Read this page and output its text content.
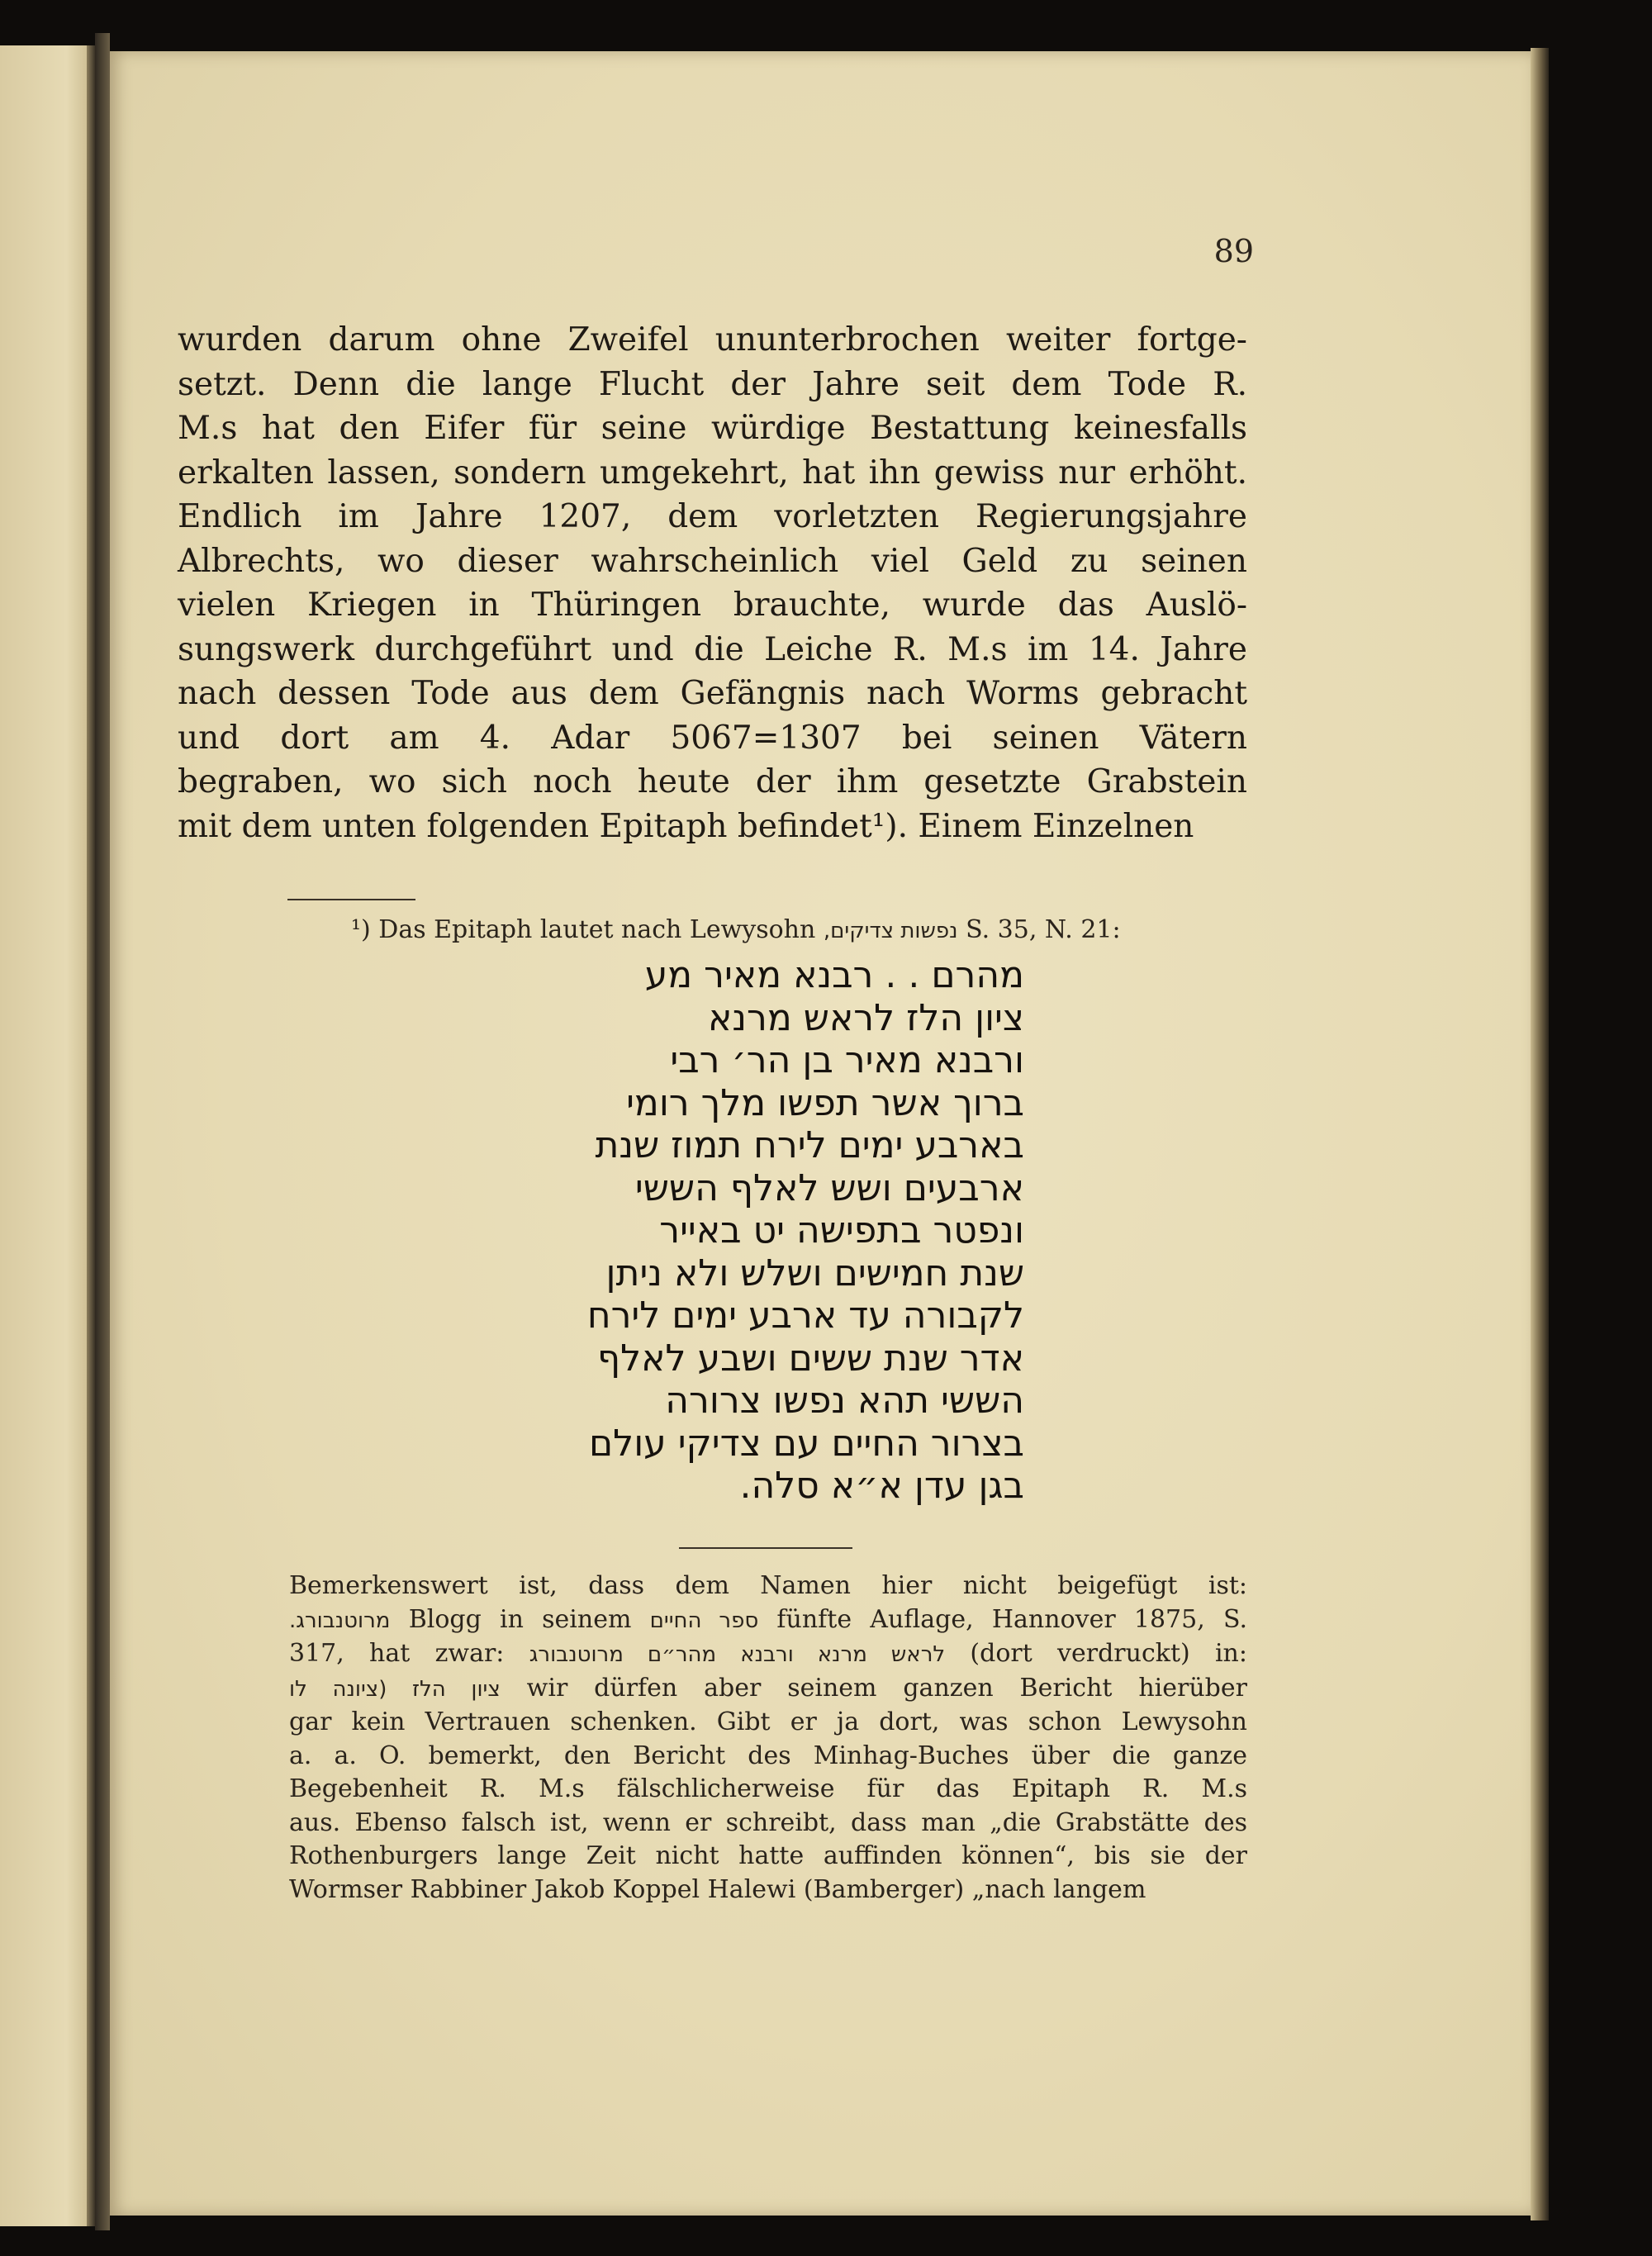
89
wurden darum ohne Zweifel ununterbrochen weiter fortge-
setzt. Denn die lange Flucht der Jahre seit dem Tode R.
M.s hat den Eifer für seine würdige Bestattung keinesfalls
erkalten lassen, sondern umgekehrt, hat ihn gewiss nur erhöht.
Endlich im Jahre 1207, dem vorletzten Regierungsjahre
Albrechts, wo dieser wahrscheinlich viel Geld zu seinen
vielen Kriegen in Thüringen brauchte, wurde das Auslö-
sungswerk durchgeführt und die Leiche R. M.s im 14. Jahre
nach dessen Tode aus dem Gefängnis nach Worms gebracht
und dort am 4. Adar 5067=1307 bei seinen Vätern
begraben, wo sich noch heute der ihm gesetzte Grabstein
mit dem unten folgenden Epitaph befindet¹). Einem Einzelnen
¹) Das Epitaph lautet nach Lewysohn נפשות צדיקים, S. 35, N. 21:
מהרם . . רבנא מאיר מע
ציון הלז לראש מרנא
ורבנא מאיר בן הר׳ רבי
ברוך אשר תפשו מלך רומי
בארבע ימים לירח תמוז שנת
ארבעים ושש לאלף הששי
ונפטר בתפישה יט באייר
שנת חמישים ושלש ולא ניתן
לקבורה עד ארבע ימים לירח
אדר שנת ששים ושבע לאלף
הששי תהא נפשו צרורה
בצרור החיים עם צדיקי עולם
בגן עדן א״א סלה.
Bemerkenswert ist, dass dem Namen hier nicht beigefügt ist:
מרוטנבורג. Blogg in seinem ספר החיים fünfte Auflage, Hannover 1875, S.
317, hat zwar: לראש מרנא ורבנא מהר״ם מרוטנבורג (dort verdruckt) in:
ציון הלז (ציונה לו wir dürfen aber seinem ganzen Bericht hierüber
gar kein Vertrauen schenken. Gibt er ja dort, was schon Lewysohn
a. a. O. bemerkt, den Bericht des Minhag-Buches über die ganze
Begebenheit R. M.s fälschlicherweise für das Epitaph R. M.s
aus. Ebenso falsch ist, wenn er schreibt, dass man „die Grabstätte des
Rothenburgers lange Zeit nicht hatte auffinden können“, bis sie der
Wormser Rabbiner Jakob Koppel Halewi (Bamberger) „nach langem
